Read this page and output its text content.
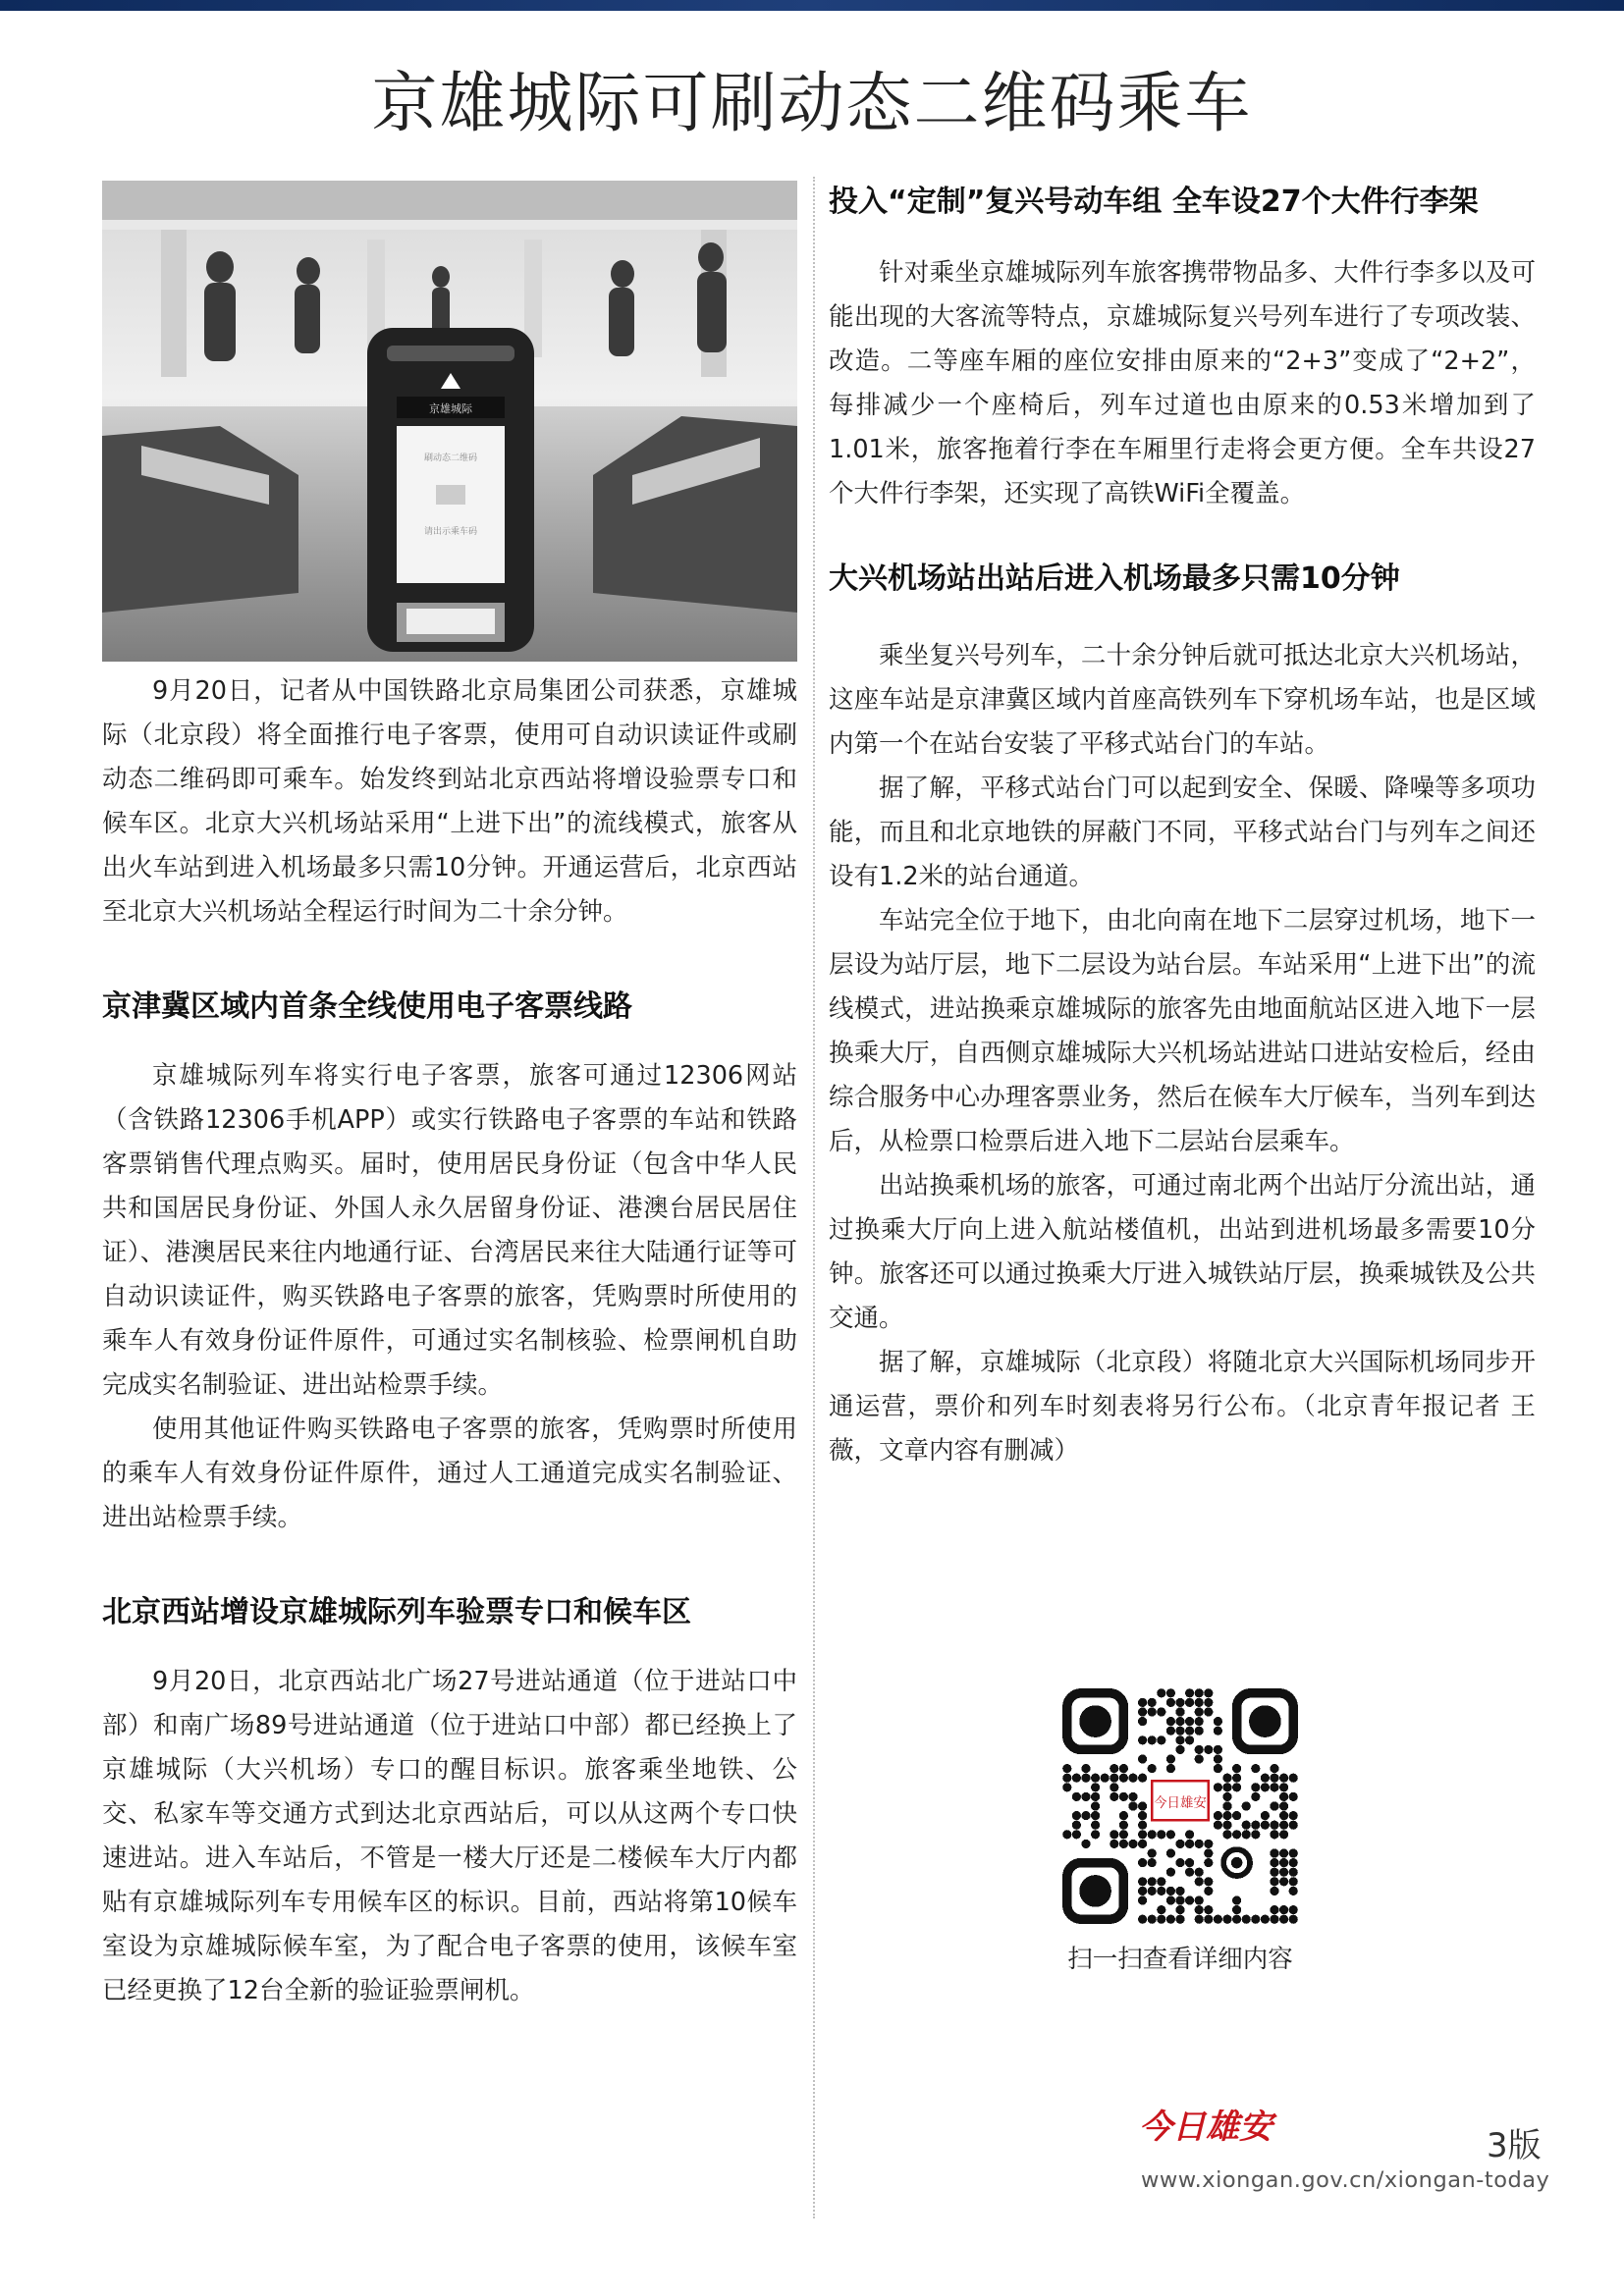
京雄城际可刷动态二维码乘车
京雄城际
刷动态二维码
请出示乘车码

9月20日，记者从中国铁路北京局集团公司获悉，京雄城际（北京段）将全面推行电子客票，使用可自动识读证件或刷动态二维码即可乘车。始发终到站北京西站将增设验票专口和候车区。北京大兴机场站采用“上进下出”的流线模式，旅客从出火车站到进入机场最多只需10分钟。开通运营后，北京西站至北京大兴机场站全程运行时间为二十余分钟。

京津冀区域内首条全线使用电子客票线路

京雄城际列车将实行电子客票，旅客可通过12306网站（含铁路12306手机APP）或实行铁路电子客票的车站和铁路客票销售代理点购买。届时，使用居民身份证（包含中华人民共和国居民身份证、外国人永久居留身份证、港澳台居民居住证）、港澳居民来往内地通行证、台湾居民来往大陆通行证等可自动识读证件，购买铁路电子客票的旅客，凭购票时所使用的乘车人有效身份证件原件，可通过实名制核验、检票闸机自助完成实名制验证、进出站检票手续。

使用其他证件购买铁路电子客票的旅客，凭购票时所使用的乘车人有效身份证件原件，通过人工通道完成实名制验证、进出站检票手续。

北京西站增设京雄城际列车验票专口和候车区

9月20日，北京西站北广场27号进站通道（位于进站口中部）和南广场89号进站通道（位于进站口中部）都已经换上了京雄城际（大兴机场）专口的醒目标识。旅客乘坐地铁、公交、私家车等交通方式到达北京西站后，可以从这两个专口快速进站。进入车站后，不管是一楼大厅还是二楼候车大厅内都贴有京雄城际列车专用候车区的标识。目前，西站将第10候车室设为京雄城际候车室，为了配合电子客票的使用，该候车室已经更换了12台全新的验证验票闸机。

投入“定制”复兴号动车组 全车设27个大件行李架

针对乘坐京雄城际列车旅客携带物品多、大件行李多以及可能出现的大客流等特点，京雄城际复兴号列车进行了专项改装、改造。二等座车厢的座位安排由原来的“2+3”变成了“2+2”，每排减少一个座椅后，列车过道也由原来的0.53米增加到了1.01米，旅客拖着行李在车厢里行走将会更方便。全车共设27个大件行李架，还实现了高铁WiFi全覆盖。

大兴机场站出站后进入机场最多只需10分钟

乘坐复兴号列车，二十余分钟后就可抵达北京大兴机场站，这座车站是京津冀区域内首座高铁列车下穿机场车站，也是区域内第一个在站台安装了平移式站台门的车站。

据了解，平移式站台门可以起到安全、保暖、降噪等多项功能，而且和北京地铁的屏蔽门不同，平移式站台门与列车之间还设有1.2米的站台通道。

车站完全位于地下，由北向南在地下二层穿过机场，地下一层设为站厅层，地下二层设为站台层。车站采用“上进下出”的流线模式，进站换乘京雄城际的旅客先由地面航站区进入地下一层换乘大厅，自西侧京雄城际大兴机场站进站口进站安检后，经由综合服务中心办理客票业务，然后在候车大厅候车，当列车到达后，从检票口检票后进入地下二层站台层乘车。

出站换乘机场的旅客，可通过南北两个出站厅分流出站，通过换乘大厅向上进入航站楼值机，出站到进机场最多需要10分钟。旅客还可以通过换乘大厅进入城铁站厅层，换乘城铁及公共交通。

据了解，京雄城际（北京段）将随北京大兴国际机场同步开通运营，票价和列车时刻表将另行公布。（北京青年报记者 王薇，文章内容有删减）

今日雄安
扫一扫查看详细内容
今日雄安	3版
www.xiongan.gov.cn/xiongan-today
